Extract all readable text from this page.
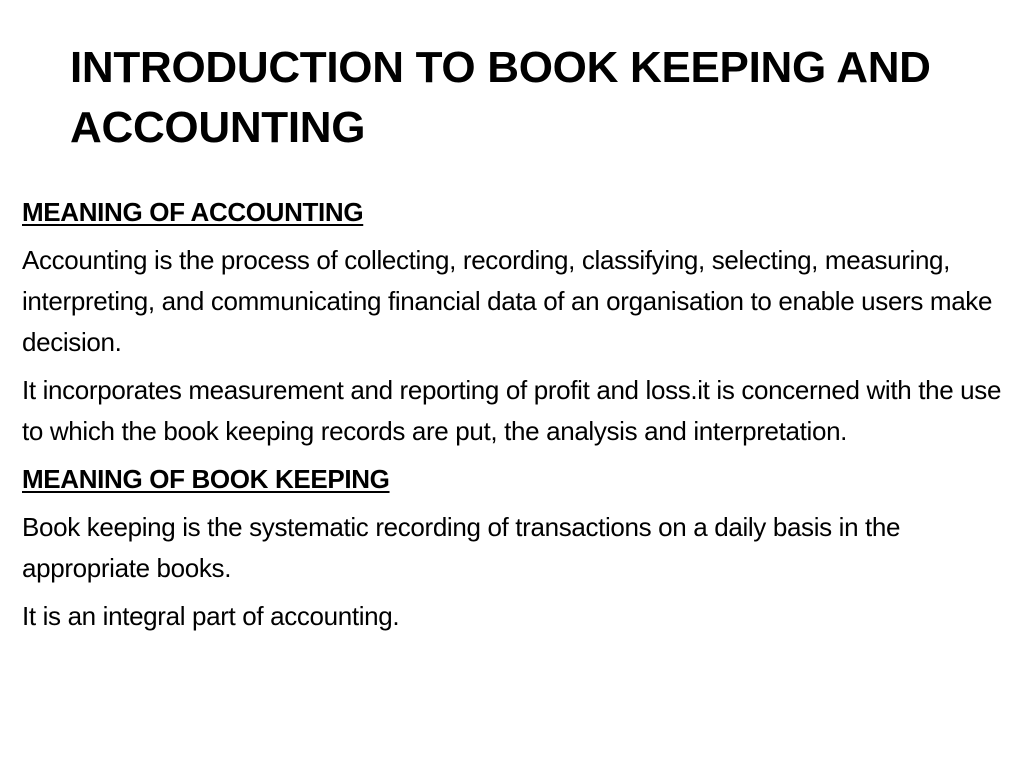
INTRODUCTION TO BOOK KEEPING AND ACCOUNTING

MEANING OF ACCOUNTING

Accounting is the process of collecting, recording, classifying, selecting, measuring, interpreting, and communicating financial data of an organisation to enable users make decision.

It incorporates measurement and reporting of profit and loss.it is concerned with the use to which the book keeping records are put, the analysis and interpretation.

MEANING OF BOOK KEEPING

Book keeping is the systematic recording of transactions on a daily basis in the appropriate books.

It is an integral part of accounting.
